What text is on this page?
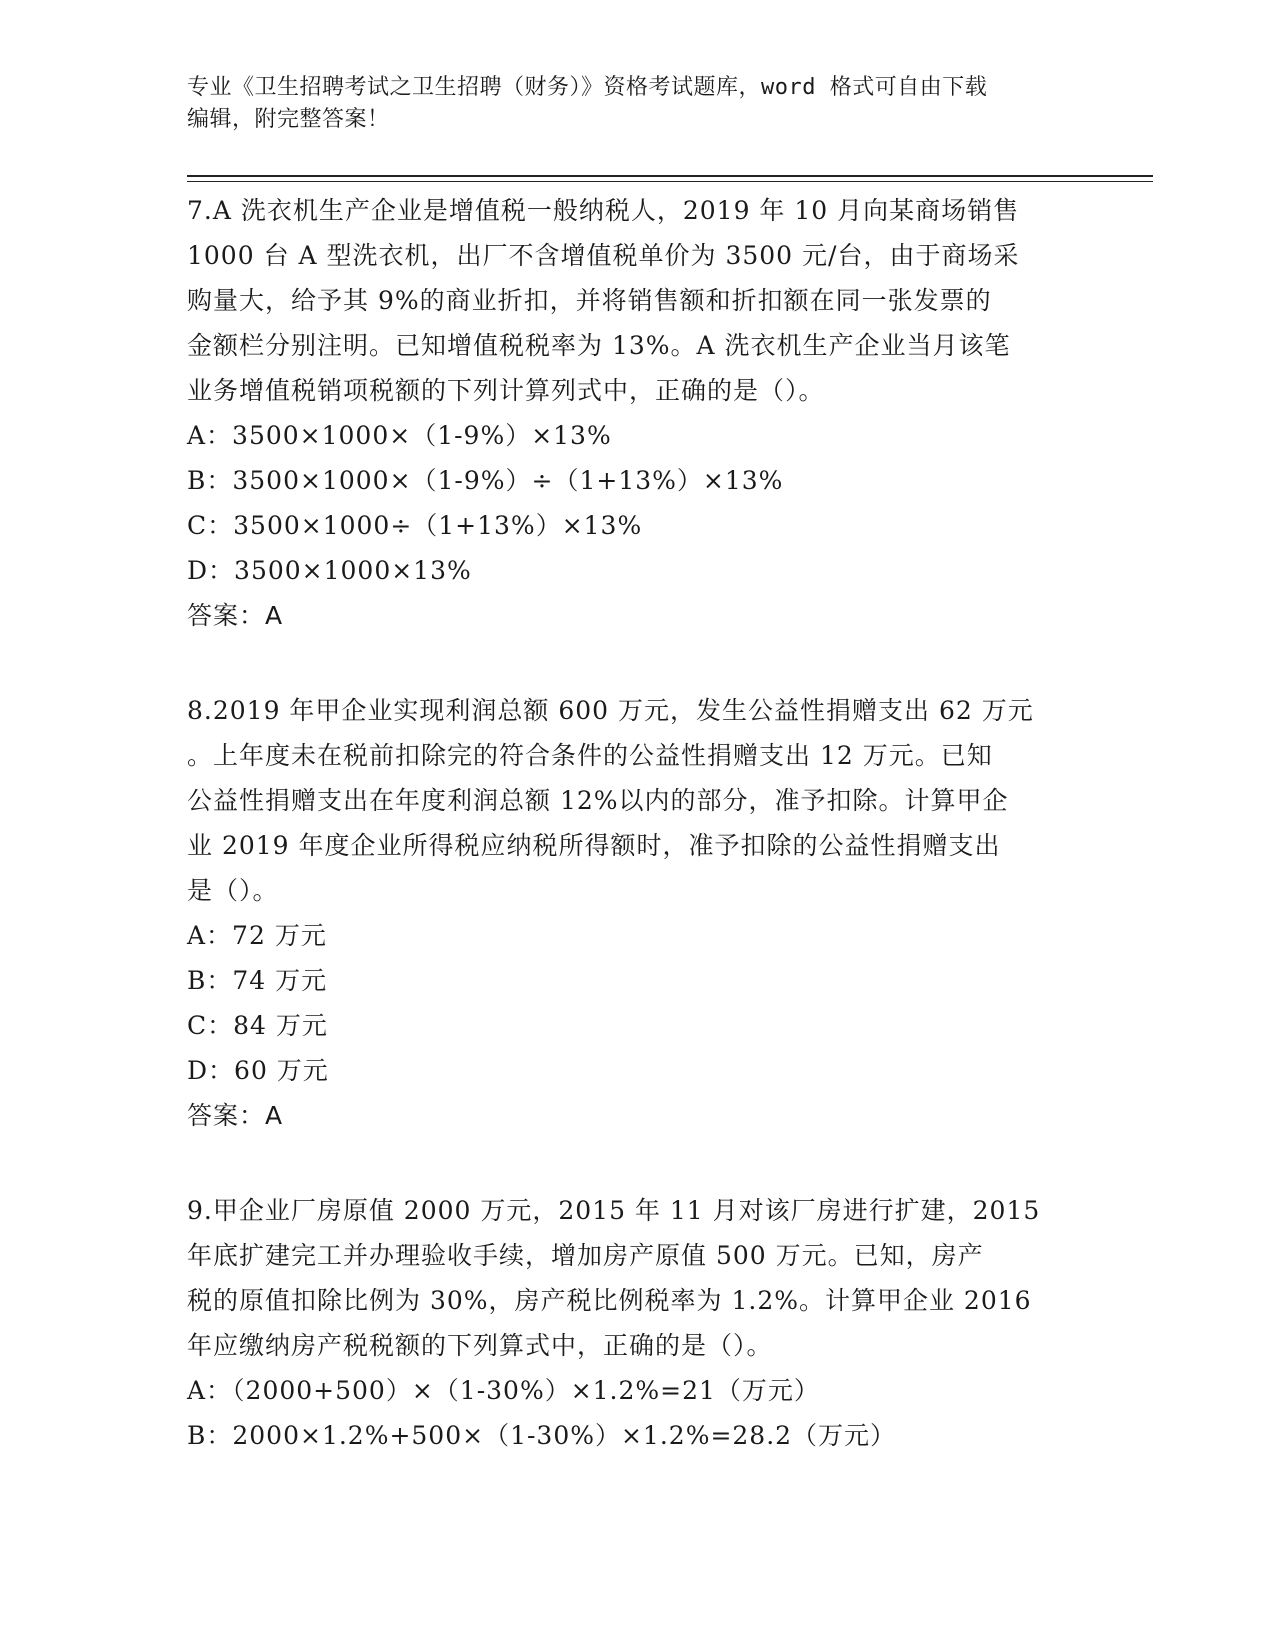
专业《卫生招聘考试之卫生招聘（财务）》资格考试题库，word 格式可自由下载
编辑，附完整答案！

7.A 洗衣机生产企业是增值税一般纳税人，2019 年 10 月向某商场销售

1000 台 A 型洗衣机，出厂不含增值税单价为 3500 元/台，由于商场采

购量大，给予其 9%的商业折扣，并将销售额和折扣额在同一张发票的

金额栏分别注明。已知增值税税率为 13%。A 洗衣机生产企业当月该笔

业务增值税销项税额的下列计算列式中，正确的是（）。

A：3500×1000×（1-9%）×13%

B：3500×1000×（1-9%）÷（1+13%）×13%

C：3500×1000÷（1+13%）×13%

D：3500×1000×13%

答案：A

8.2019 年甲企业实现利润总额 600 万元，发生公益性捐赠支出 62 万元

。上年度未在税前扣除完的符合条件的公益性捐赠支出 12 万元。已知

公益性捐赠支出在年度利润总额 12%以内的部分，准予扣除。计算甲企

业 2019 年度企业所得税应纳税所得额时，准予扣除的公益性捐赠支出

是（）。

A：72 万元

B：74 万元

C：84 万元

D：60 万元

答案：A

9.甲企业厂房原值 2000 万元，2015 年 11 月对该厂房进行扩建，2015

年底扩建完工并办理验收手续，增加房产原值 500 万元。已知，房产

税的原值扣除比例为 30%，房产税比例税率为 1.2%。计算甲企业 2016

年应缴纳房产税税额的下列算式中，正确的是（）。

A：（2000+500）×（1-30%）×1.2%=21（万元）

B：2000×1.2%+500×（1-30%）×1.2%=28.2（万元）
